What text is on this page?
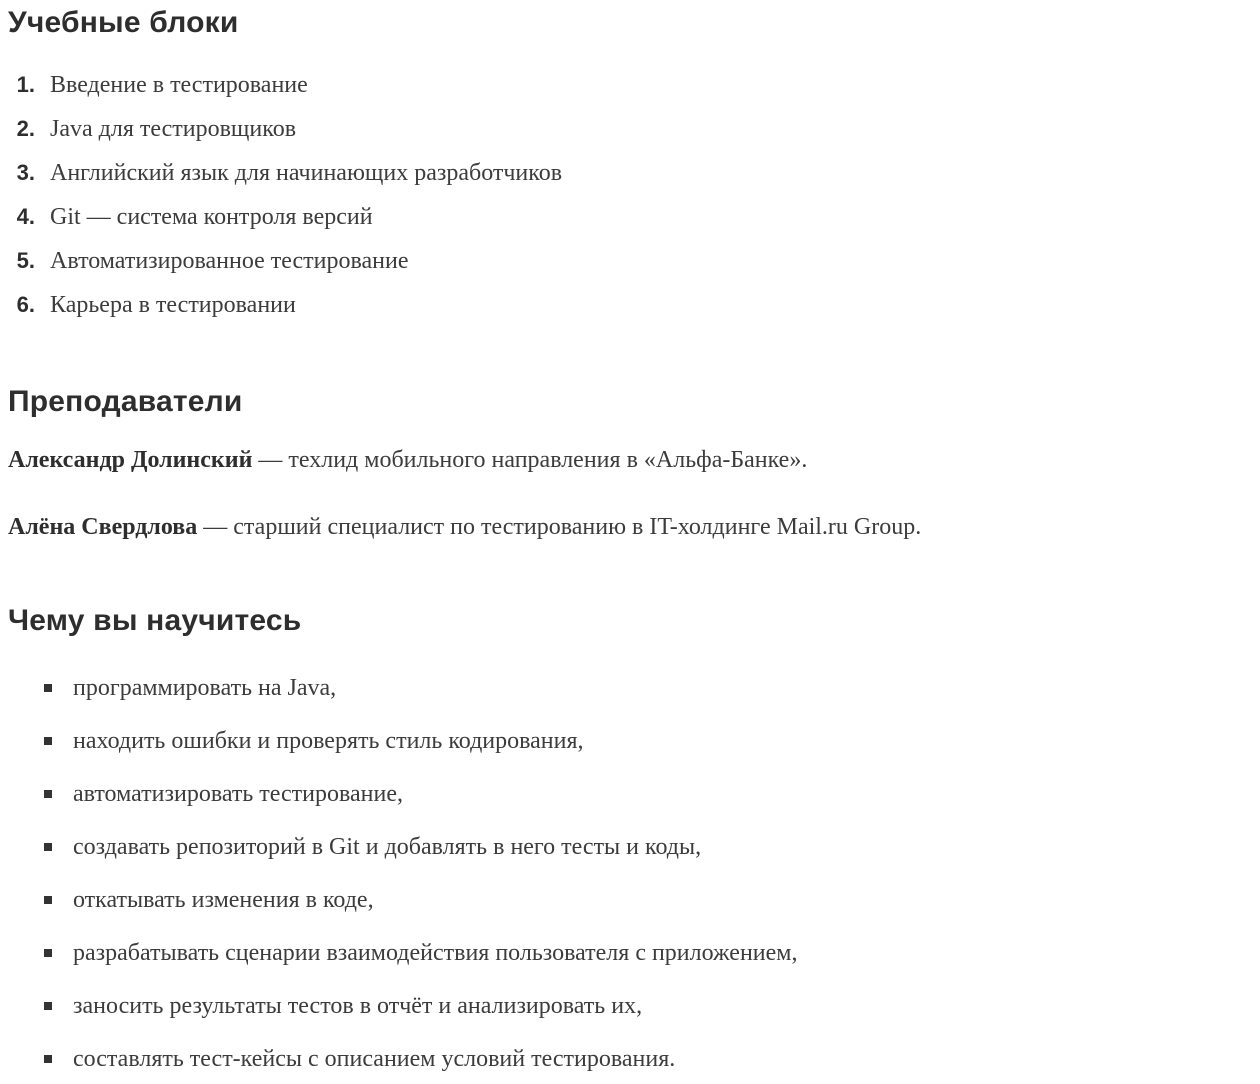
Учебные блоки
1. Введение в тестирование
2. Java для тестировщиков
3. Английский язык для начинающих разработчиков
4. Git — система контроля версий
5. Автоматизированное тестирование
6. Карьера в тестировании
Преподаватели

Александр Долинский — техлид мобильного направления в «Альфа-Банке».

Алёна Свердлова — старший специалист по тестированию в IT-холдинге Mail.ru Group.

Чему вы научитесь
программировать на Java,
находить ошибки и проверять стиль кодирования,
автоматизировать тестирование,
создавать репозиторий в Git и добавлять в него тесты и коды,
откатывать изменения в коде,
разрабатывать сценарии взаимодействия пользователя с приложением,
заносить результаты тестов в отчёт и анализировать их,
составлять тест-кейсы с описанием условий тестирования.
